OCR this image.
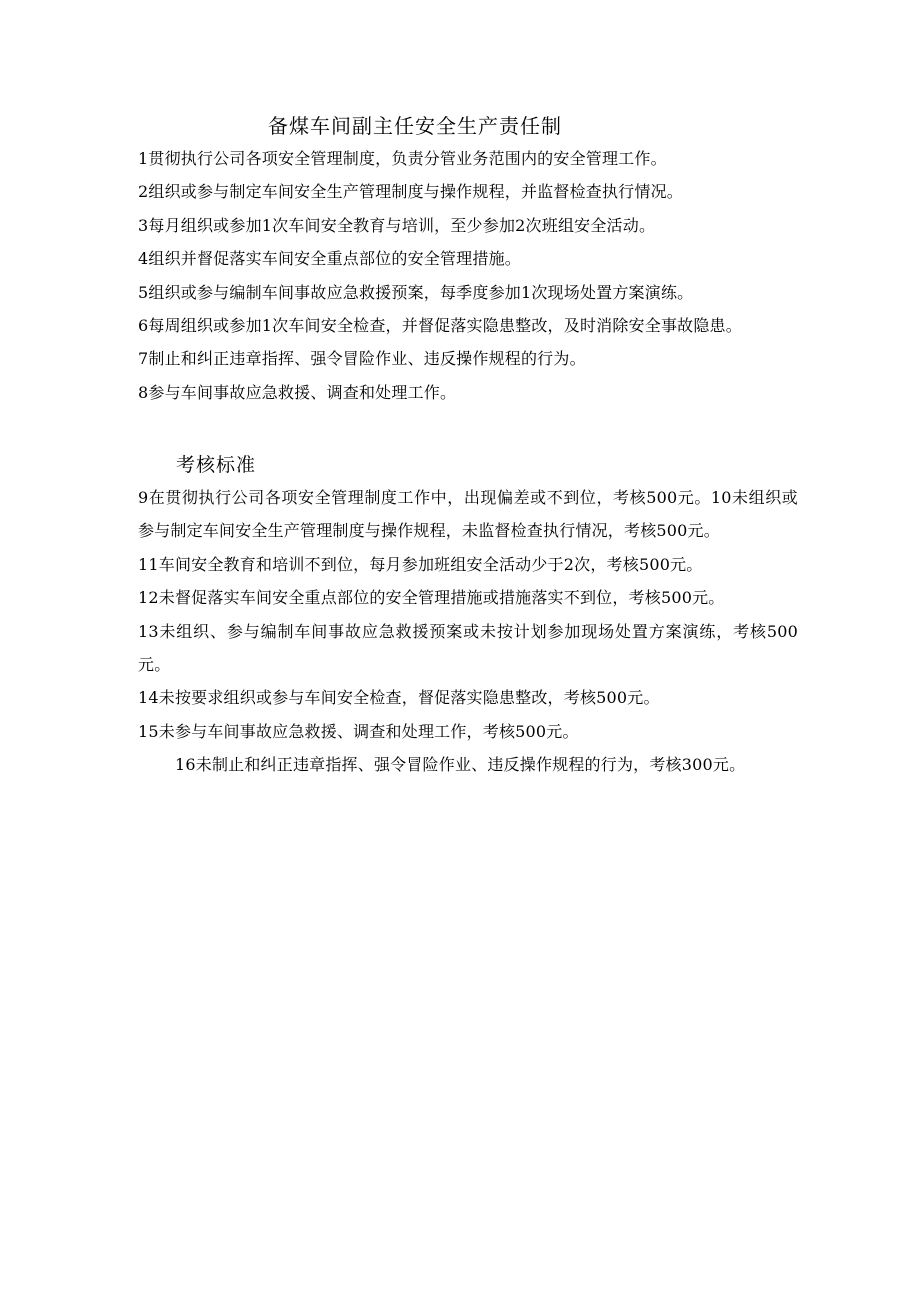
备煤车间副主任安全生产责任制

1贯彻执行公司各项安全管理制度，负责分管业务范围内的安全管理工作。

2组织或参与制定车间安全生产管理制度与操作规程，并监督检查执行情况。

3每月组织或参加1次车间安全教育与培训，至少参加2次班组安全活动。

4组织并督促落实车间安全重点部位的安全管理措施。

5组织或参与编制车间事故应急救援预案，每季度参加1次现场处置方案演练。

6每周组织或参加1次车间安全检查，并督促落实隐患整改，及时消除安全事故隐患。

7制止和纠正违章指挥、强令冒险作业、违反操作规程的行为。

8参与车间事故应急救援、调查和处理工作。

考核标准

9在贯彻执行公司各项安全管理制度工作中，出现偏差或不到位，考核500元。10未组织或参与制定车间安全生产管理制度与操作规程，未监督检查执行情况，考核500元。

11车间安全教育和培训不到位，每月参加班组安全活动少于2次，考核500元。

12未督促落实车间安全重点部位的安全管理措施或措施落实不到位，考核500元。

13未组织、参与编制车间事故应急救援预案或未按计划参加现场处置方案演练，考核500元。

14未按要求组织或参与车间安全检查，督促落实隐患整改，考核500元。

15未参与车间事故应急救援、调查和处理工作，考核500元。

16未制止和纠正违章指挥、强令冒险作业、违反操作规程的行为，考核300元。
